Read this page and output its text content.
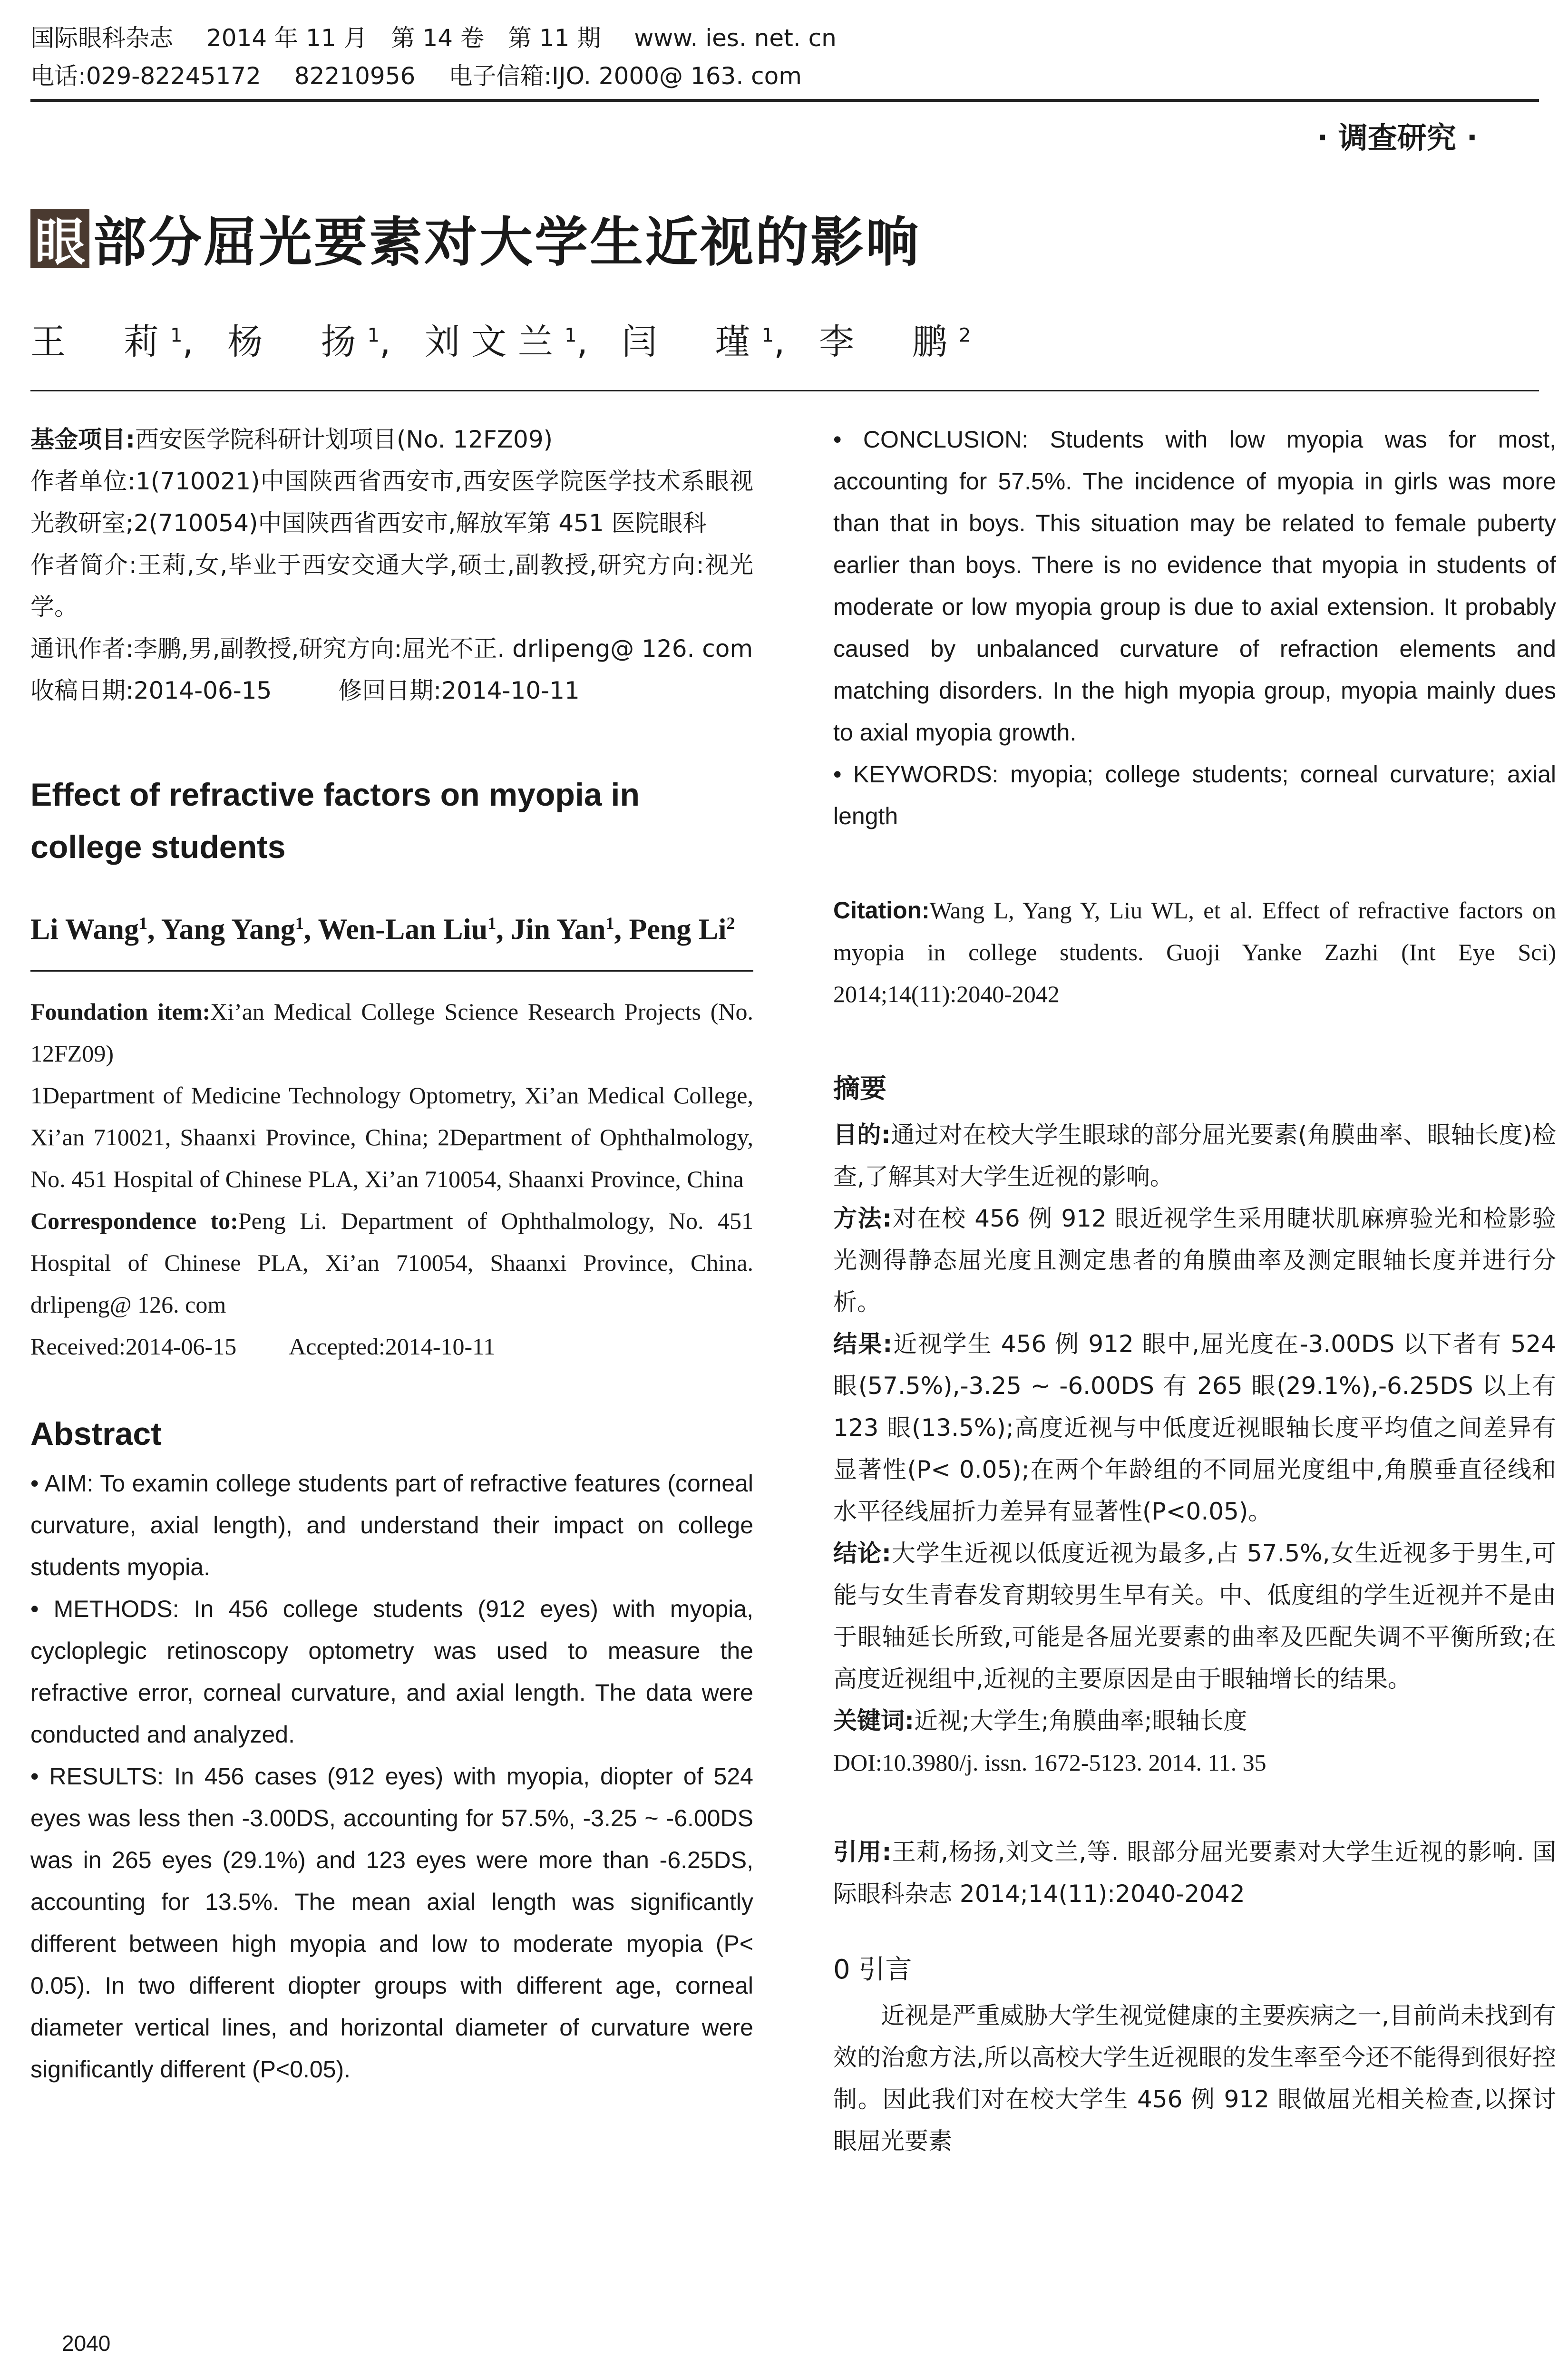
国际眼科杂志 2014 年 11 月　第 14 卷　第 11 期 www. ies. net. cn
电话:029-82245172 82210956 电子信箱:IJO. 2000@ 163. com
· 调查研究 ·
眼 部分屈光要素对大学生近视的影响
王　莉$^1$, 杨　扬$^1$, 刘文兰$^1$, 闫　瑾$^1$, 李　鹏$^2$

基金项目:西安医学院科研计划项目(No. 12FZ09)

作者单位:1(710021)中国陕西省西安市,西安医学院医学技术系眼视光教研室;2(710054)中国陕西省西安市,解放军第 451 医院眼科

作者简介:王莉,女,毕业于西安交通大学,硕士,副教授,研究方向:视光学。

通讯作者:李鹏,男,副教授,研究方向:屈光不正. drlipeng@ 126. com

收稿日期:2014-06-15	修回日期:2014-10-11

Effect of refractive factors on myopia in college students
Li Wang$^1$, Yang Yang$^1$, Wen-Lan Liu$^1$, Jin Yan$^1$, Peng Li$^2$

Foundation item:Xi’an Medical College Science Research Projects (No. 12FZ09)

1Department of Medicine Technology Optometry, Xi’an Medical College, Xi’an 710021, Shaanxi Province, China; 2Department of Ophthalmology, No. 451 Hospital of Chinese PLA, Xi’an 710054, Shaanxi Province, China

Correspondence to:Peng Li. Department of Ophthalmology, No. 451 Hospital of Chinese PLA, Xi’an 710054, Shaanxi Province, China. drlipeng@ 126. com

Received:2014-06-15 Accepted:2014-10-11

Abstract

• AIM: To examin college students part of refractive features (corneal curvature, axial length), and understand their impact on college students myopia.

• METHODS: In 456 college students (912 eyes) with myopia, cycloplegic retinoscopy optometry was used to measure the refractive error, corneal curvature, and axial length. The data were conducted and analyzed.

• RESULTS: In 456 cases (912 eyes) with myopia, diopter of 524 eyes was less then -3.00DS, accounting for 57.5%, -3.25 ~ -6.00DS was in 265 eyes (29.1%) and 123 eyes were more than -6.25DS, accounting for 13.5%. The mean axial length was significantly different between high myopia and low to moderate myopia (P< 0.05). In two different diopter groups with different age, corneal diameter vertical lines, and horizontal diameter of curvature were significantly different (P<0.05).

• CONCLUSION: Students with low myopia was for most, accounting for 57.5%. The incidence of myopia in girls was more than that in boys. This situation may be related to female puberty earlier than boys. There is no evidence that myopia in students of moderate or low myopia group is due to axial extension. It probably caused by unbalanced curvature of refraction elements and matching disorders. In the high myopia group, myopia mainly dues to axial myopia growth.

• KEYWORDS: myopia; college students; corneal curvature; axial length

Citation:Wang L, Yang Y, Liu WL, et al. Effect of refractive factors on myopia in college students. Guoji Yanke Zazhi (Int Eye Sci) 2014;14(11):2040-2042

摘要

目的:通过对在校大学生眼球的部分屈光要素(角膜曲率、眼轴长度)检查,了解其对大学生近视的影响。

方法:对在校 456 例 912 眼近视学生采用睫状肌麻痹验光和检影验光测得静态屈光度且测定患者的角膜曲率及测定眼轴长度并进行分析。

结果:近视学生 456 例 912 眼中,屈光度在-3.00DS 以下者有 524 眼(57.5%),-3.25 ~ -6.00DS 有 265 眼(29.1%),-6.25DS 以上有 123 眼(13.5%);高度近视与中低度近视眼轴长度平均值之间差异有显著性(P< 0.05);在两个年龄组的不同屈光度组中,角膜垂直径线和水平径线屈折力差异有显著性(P<0.05)。

结论:大学生近视以低度近视为最多,占 57.5%,女生近视多于男生,可能与女生青春发育期较男生早有关。中、低度组的学生近视并不是由于眼轴延长所致,可能是各屈光要素的曲率及匹配失调不平衡所致;在高度近视组中,近视的主要原因是由于眼轴增长的结果。

关键词:近视;大学生;角膜曲率;眼轴长度

DOI:10.3980/j. issn. 1672-5123. 2014. 11. 35

引用:王莉,杨扬,刘文兰,等. 眼部分屈光要素对大学生近视的影响. 国际眼科杂志 2014;14(11):2040-2042

0 引言

近视是严重威胁大学生视觉健康的主要疾病之一,目前尚未找到有效的治愈方法,所以高校大学生近视眼的发生率至今还不能得到很好控制。因此我们对在校大学生 456 例 912 眼做屈光相关检查,以探讨眼屈光要素

2040
